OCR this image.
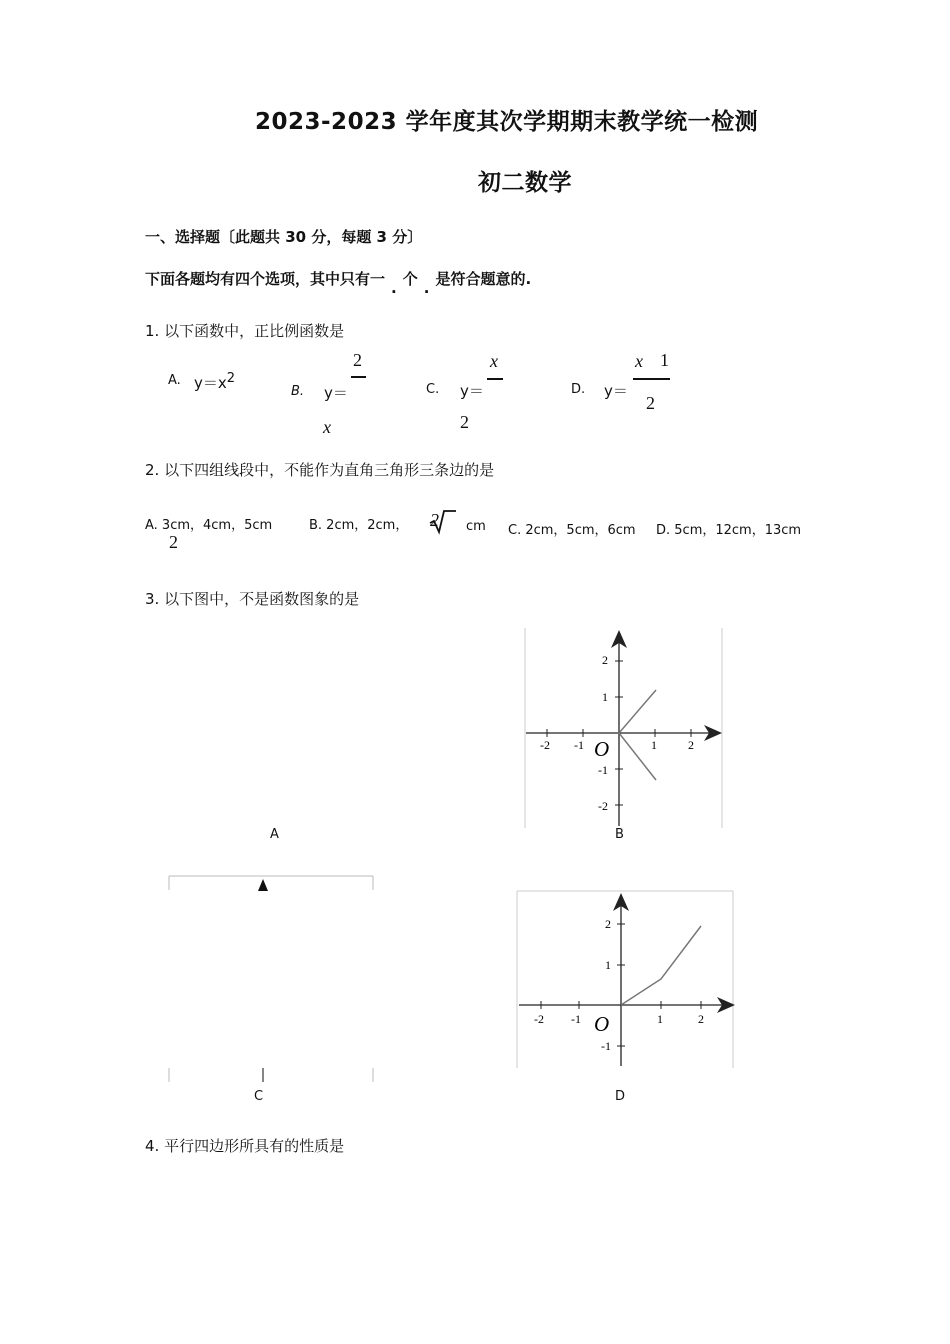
2023-2023 学年度其次学期期末教学统一检测
初二数学
一、选择题〔此题共 30 分，每题 3 分〕
下面各题均有四个选项，其中只有一 . 个 . 是符合题意的.
1. 以下函数中，正比例函数是
A. $y=x^2$
B. y＝
2
x
C. y＝
x
2
D. y＝
x 1
2
2. 以下四组线段中，不能作为直角三角形三条边的是
A. 3cm，4cm，5cm	B. 2cm，2cm， 2 cm C. 2cm，5cm，6cm D. 5cm，12cm，13cm
2
3. 以下图中，不是函数图象的是
-2 -1	1	2
2
1
-1
-2
O
A	B
C
-2 -1	1	2
2
1
-1
O
D
4. 平行四边形所具有的性质是
